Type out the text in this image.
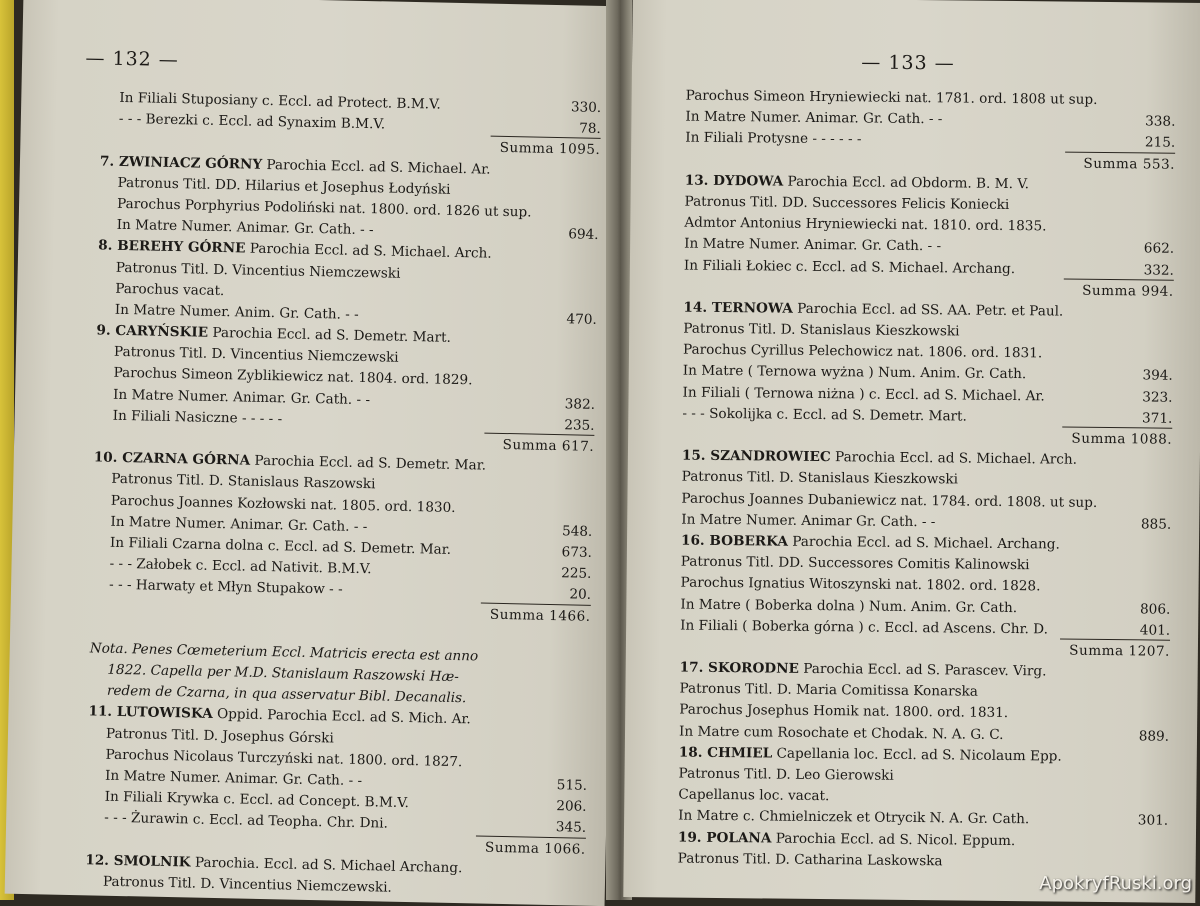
— 132 —
In Filiali Stuposiany c. Eccl. ad Protect. B.M.V.	330.
- - - Berezki c. Eccl. ad Synaxim B.M.V.	78.
Summa 1095.
7. ZWINIACZ GÓRNY Parochia Eccl. ad S. Michael. Ar.
Patronus Titl. DD. Hilarius et Josephus Łodyński
Parochus Porphyrius Podoliński nat. 1800. ord. 1826 ut sup.
In Matre Numer. Animar. Gr. Cath. - -	694.
8. BEREHY GÓRNE Parochia Eccl. ad S. Michael. Arch.
Patronus Titl. D. Vincentius Niemczewski
Parochus vacat.
In Matre Numer. Anim. Gr. Cath. - -	470.
9. CARYŃSKIE Parochia Eccl. ad S. Demetr. Mart.
Patronus Titl. D. Vincentius Niemczewski
Parochus Simeon Zyblikiewicz nat. 1804. ord. 1829.
In Matre Numer. Animar. Gr. Cath. - -	382.
In Filiali Nasiczne - - - - -	235.
Summa 617.
10. CZARNA GÓRNA Parochia Eccl. ad S. Demetr. Mar.
Patronus Titl. D. Stanislaus Raszowski
Parochus Joannes Kozłowski nat. 1805. ord. 1830.
In Matre Numer. Animar. Gr. Cath. - -	548.
In Filiali Czarna dolna c. Eccl. ad S. Demetr. Mar.	673.
- - - Załobek c. Eccl. ad Nativit. B.M.V.	225.
- - - Harwaty et Młyn Stupakow - -	20.
Summa 1466.
Nota. Penes Cœmeterium Eccl. Matricis erecta est anno
1822. Capella per M.D. Stanislaum Raszowski Hæ-
redem de Czarna, in qua asservatur Bibl. Decanalis.
11. LUTOWISKA Oppid. Parochia Eccl. ad S. Mich. Ar.
Patronus Titl. D. Josephus Górski
Parochus Nicolaus Turczyński nat. 1800. ord. 1827.
In Matre Numer. Animar. Gr. Cath. - -	515.
In Filiali Krywka c. Eccl. ad Concept. B.M.V.	206.
- - - Żurawin c. Eccl. ad Teopha. Chr. Dni.	345.
Summa 1066.
12. SMOLNIK Parochia. Eccl. ad S. Michael Archang.
Patronus Titl. D. Vincentius Niemczewski.
— 133 —
Parochus Simeon Hryniewiecki nat. 1781. ord. 1808 ut sup.
In Matre Numer. Animar. Gr. Cath. - -	338.
In Filiali Protysne - - - - - -	215.
Summa 553.
13. DYDOWA Parochia Eccl. ad Obdorm. B. M. V.
Patronus Titl. DD. Successores Felicis Koniecki
Admtor Antonius Hryniewiecki nat. 1810. ord. 1835.
In Matre Numer. Animar. Gr. Cath. - -	662.
In Filiali Łokiec c. Eccl. ad S. Michael. Archang.	332.
Summa 994.
14. TERNOWA Parochia Eccl. ad SS. AA. Petr. et Paul.
Patronus Titl. D. Stanislaus Kieszkowski
Parochus Cyrillus Pelechowicz nat. 1806. ord. 1831.
In Matre ( Ternowa wyżna ) Num. Anim. Gr. Cath.	394.
In Filiali ( Ternowa niżna ) c. Eccl. ad S. Michael. Ar.	323.
- - - Sokolijka c. Eccl. ad S. Demetr. Mart.	371.
Summa 1088.
15. SZANDROWIEC Parochia Eccl. ad S. Michael. Arch.
Patronus Titl. D. Stanislaus Kieszkowski
Parochus Joannes Dubaniewicz nat. 1784. ord. 1808. ut sup.
In Matre Numer. Animar Gr. Cath. - -	885.
16. BOBERKA Parochia Eccl. ad S. Michael. Archang.
Patronus Titl. DD. Successores Comitis Kalinowski
Parochus Ignatius Witoszynski nat. 1802. ord. 1828.
In Matre ( Boberka dolna ) Num. Anim. Gr. Cath.	806.
In Filiali ( Boberka górna ) c. Eccl. ad Ascens. Chr. D.	401.
Summa 1207.
17. SKORODNE Parochia Eccl. ad S. Parascev. Virg.
Patronus Titl. D. Maria Comitissa Konarska
Parochus Josephus Homik nat. 1800. ord. 1831.
In Matre cum Rosochate et Chodak. N. A. G. C.	889.
18. CHMIEL Capellania loc. Eccl. ad S. Nicolaum Epp.
Patronus Titl. D. Leo Gierowski
Capellanus loc. vacat.
In Matre c. Chmielniczek et Otrycik N. A. Gr. Cath.	301.
19. POLANA Parochia Eccl. ad S. Nicol. Eppum.
Patronus Titl. D. Catharina Laskowska
ApokryfRuski.org
